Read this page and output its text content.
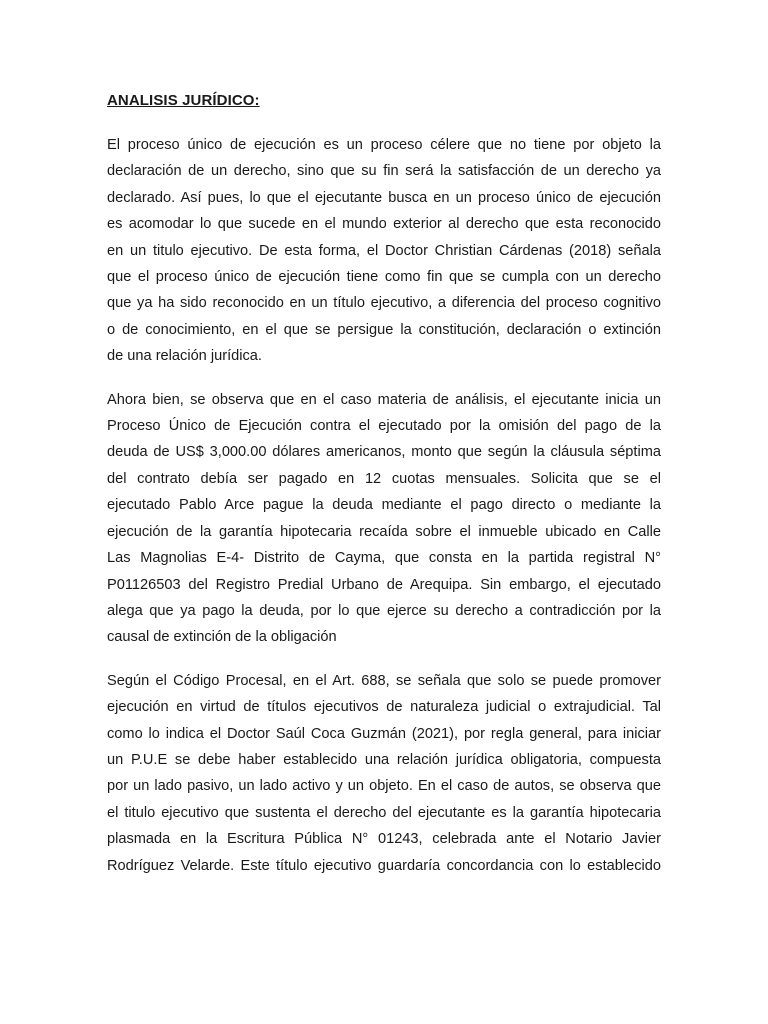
ANALISIS JURÍDICO:
El proceso único de ejecución es un proceso célere que no tiene por objeto la
declaración de un derecho, sino que su fin será la satisfacción de un derecho ya
declarado. Así pues, lo que el ejecutante busca en un proceso único de ejecución
es acomodar lo que sucede en el mundo exterior al derecho que esta reconocido
en un titulo ejecutivo. De esta forma, el Doctor Christian Cárdenas (2018) señala
que el proceso único de ejecución tiene como fin que se cumpla con un derecho
que ya ha sido reconocido en un título ejecutivo, a diferencia del proceso cognitivo
o de conocimiento, en el que se persigue la constitución, declaración o extinción
de una relación jurídica.
Ahora bien, se observa que en el caso materia de análisis, el ejecutante inicia un
Proceso Único de Ejecución contra el ejecutado por la omisión del pago de la
deuda de US$ 3,000.00 dólares americanos, monto que según la cláusula séptima
del contrato debía ser pagado en 12 cuotas mensuales. Solicita que se el
ejecutado Pablo Arce pague la deuda mediante el pago directo o mediante la
ejecución de la garantía hipotecaria recaída sobre el inmueble ubicado en Calle
Las Magnolias E-4- Distrito de Cayma, que consta en la partida registral N°
P01126503 del Registro Predial Urbano de Arequipa. Sin embargo, el ejecutado
alega que ya pago la deuda, por lo que ejerce su derecho a contradicción por la
causal de extinción de la obligación
Según el Código Procesal, en el Art. 688, se señala que solo se puede promover
ejecución en virtud de títulos ejecutivos de naturaleza judicial o extrajudicial. Tal
como lo indica el Doctor Saúl Coca Guzmán (2021), por regla general, para iniciar
un P.U.E se debe haber establecido una relación jurídica obligatoria, compuesta
por un lado pasivo, un lado activo y un objeto. En el caso de autos, se observa que
el titulo ejecutivo que sustenta el derecho del ejecutante es la garantía hipotecaria
plasmada en la Escritura Pública N° 01243, celebrada ante el Notario Javier
Rodríguez Velarde. Este título ejecutivo guardaría concordancia con lo establecido
